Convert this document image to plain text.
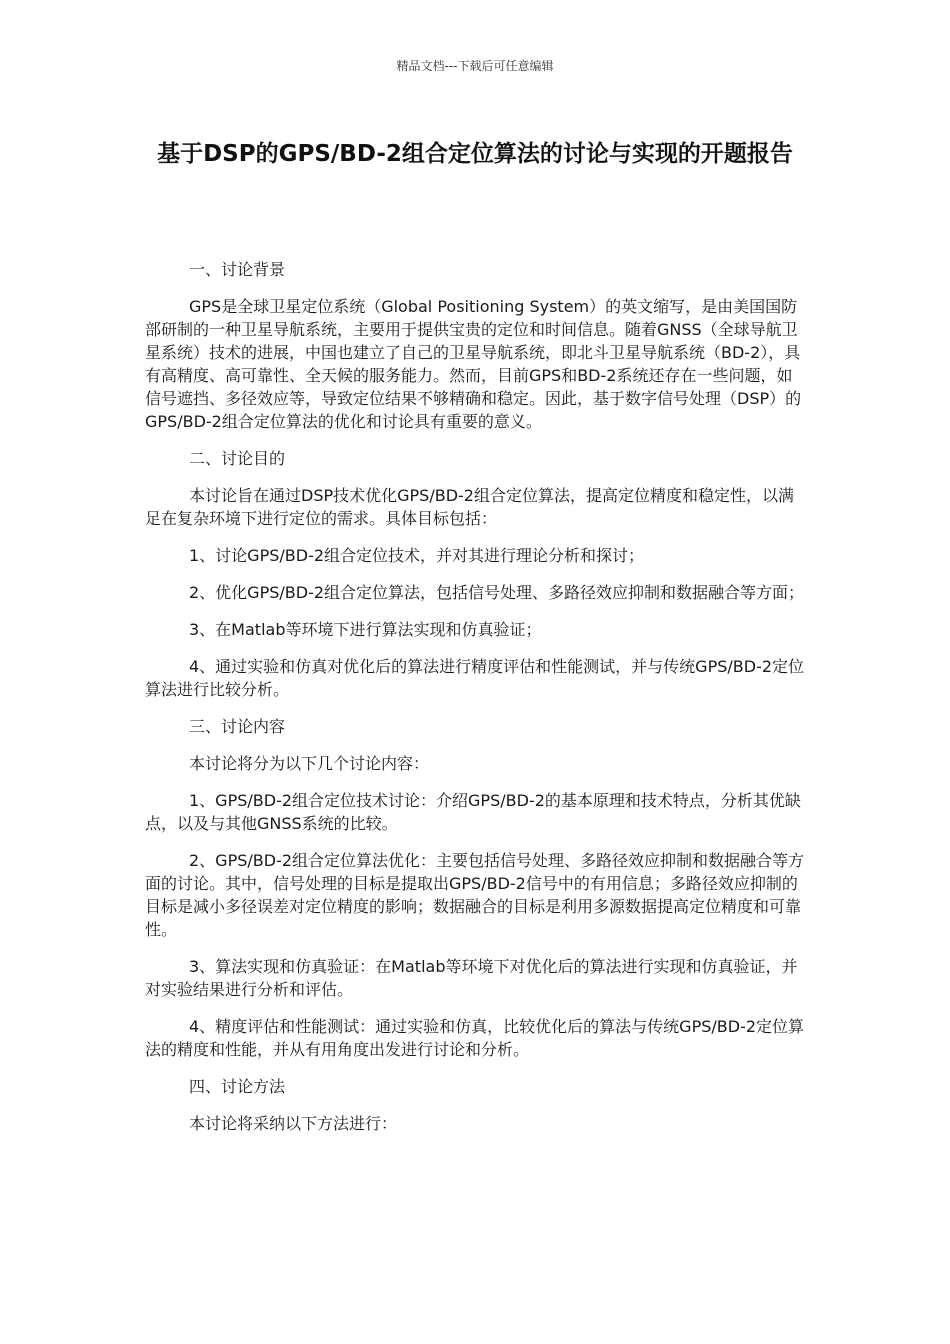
精品文档---下载后可任意编辑
基于DSP的GPS/BD-2组合定位算法的讨论与实现的开题报告

一、讨论背景

GPS是全球卫星定位系统（Global Positioning System）的英文缩写，是由美国国防部研制的一种卫星导航系统，主要用于提供宝贵的定位和时间信息。随着GNSS（全球导航卫星系统）技术的进展，中国也建立了自己的卫星导航系统，即北斗卫星导航系统（BD-2），具有高精度、高可靠性、全天候的服务能力。然而，目前GPS和BD-2系统还存在一些问题，如信号遮挡、多径效应等，导致定位结果不够精确和稳定。因此，基于数字信号处理（DSP）的GPS/BD-2组合定位算法的优化和讨论具有重要的意义。

二、讨论目的

本讨论旨在通过DSP技术优化GPS/BD-2组合定位算法，提高定位精度和稳定性，以满足在复杂环境下进行定位的需求。具体目标包括：

1、讨论GPS/BD-2组合定位技术，并对其进行理论分析和探讨；

2、优化GPS/BD-2组合定位算法，包括信号处理、多路径效应抑制和数据融合等方面；

3、在Matlab等环境下进行算法实现和仿真验证；

4、通过实验和仿真对优化后的算法进行精度评估和性能测试，并与传统GPS/BD-2定位算法进行比较分析。

三、讨论内容

本讨论将分为以下几个讨论内容：

1、GPS/BD-2组合定位技术讨论：介绍GPS/BD-2的基本原理和技术特点，分析其优缺点，以及与其他GNSS系统的比较。

2、GPS/BD-2组合定位算法优化：主要包括信号处理、多路径效应抑制和数据融合等方面的讨论。其中，信号处理的目标是提取出GPS/BD-2信号中的有用信息；多路径效应抑制的目标是减小多径误差对定位精度的影响；数据融合的目标是利用多源数据提高定位精度和可靠性。

3、算法实现和仿真验证：在Matlab等环境下对优化后的算法进行实现和仿真验证，并对实验结果进行分析和评估。

4、精度评估和性能测试：通过实验和仿真，比较优化后的算法与传统GPS/BD-2定位算法的精度和性能，并从有用角度出发进行讨论和分析。

四、讨论方法

本讨论将采纳以下方法进行：
